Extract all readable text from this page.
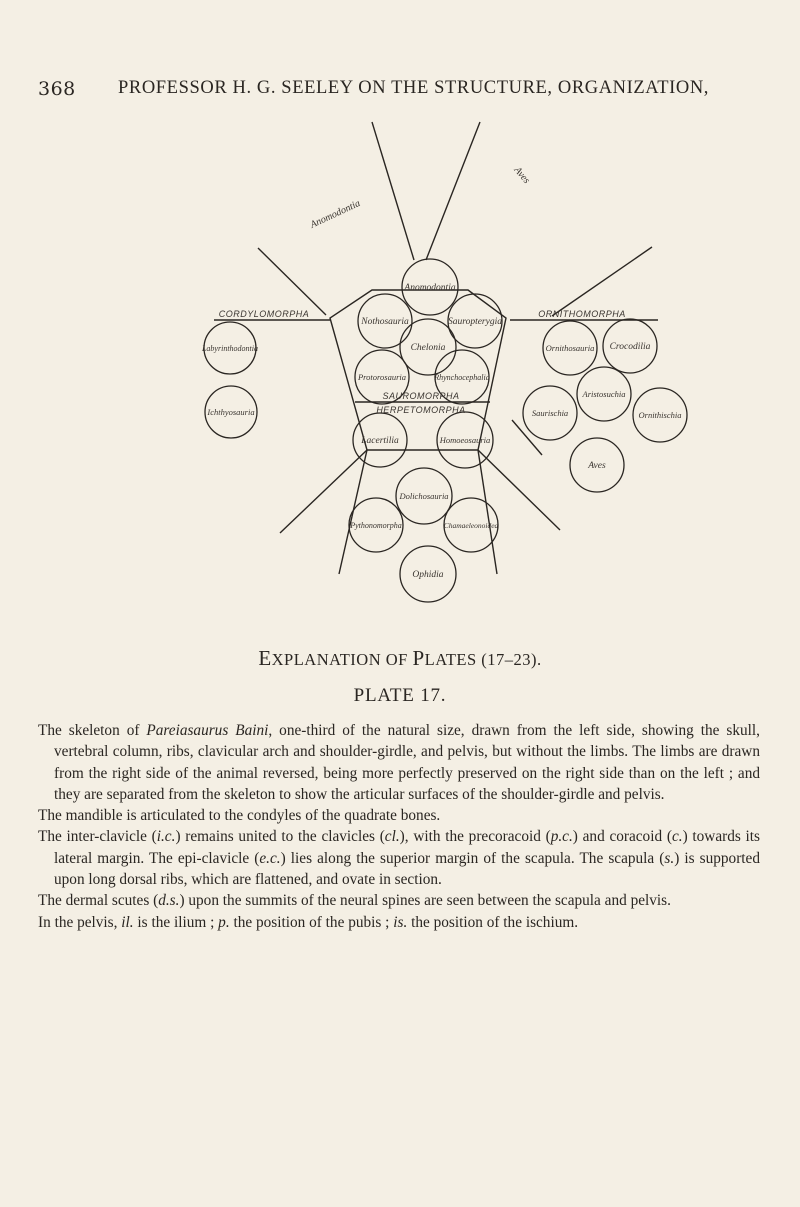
368 PROFESSOR H. G. SEELEY ON THE STRUCTURE, ORGANIZATION,
Anomodontia
Nothosauria
Chelonia
Sauropterygia
Labyrinthodontia
Ichthyosauria
Protorosauria	Rhynchocephalia
Ornithosauria Crocodilia
Aristosuchia
Saurischia	Ornithischia
Aves
Lacertilia	Homoeosauria
Dolichosauria
Pythonomorpha	Chamaeleonoidea
Ophidia
CORDYLOMORPHA	ORNITHOMORPHA
SAUROMORPHA
HERPETOMORPHA
Anomodontia
Aves
EXPLANATION OF PLATES (17–23).
PLATE 17.

The skeleton of Pareiasaurus Baini, one-third of the natural size, drawn from the left side, showing the skull, vertebral column, ribs, clavicular arch and shoulder-girdle, and pelvis, but without the limbs. The limbs are drawn from the right side of the animal reversed, being more perfectly preserved on the right side than on the left ; and they are separated from the skeleton to show the articular surfaces of the shoulder-girdle and pelvis.

The mandible is articulated to the condyles of the quadrate bones.

The inter-clavicle (i.c.) remains united to the clavicles (cl.), with the precoracoid (p.c.) and coracoid (c.) towards its lateral margin. The epi-clavicle (e.c.) lies along the superior margin of the scapula. The scapula (s.) is supported upon long dorsal ribs, which are flattened, and ovate in section.

The dermal scutes (d.s.) upon the summits of the neural spines are seen between the scapula and pelvis.

In the pelvis, il. is the ilium ; p. the position of the pubis ; is. the position of the ischium.
